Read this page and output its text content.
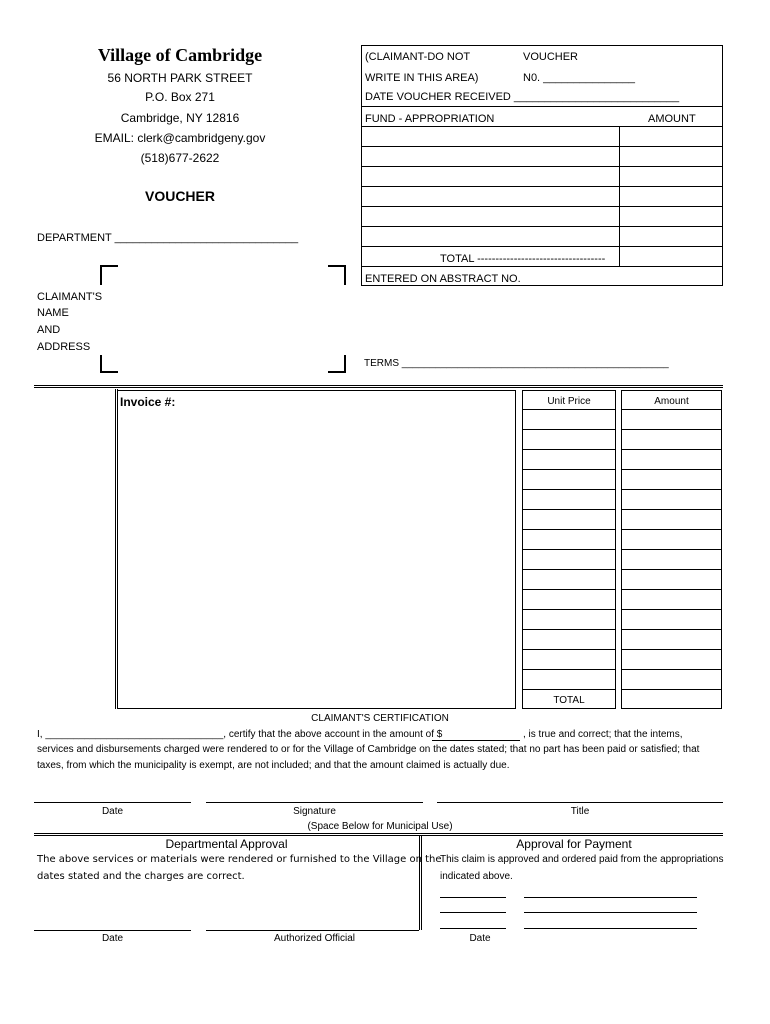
Village of Cambridge
56 NORTH PARK STREET
P.O. Box 271
Cambridge, NY 12816
EMAIL: clerk@cambridgeny.gov
(518)677-2622
VOUCHER
DEPARTMENT ______________________________
(CLAIMANT-DO NOT	VOUCHER
WRITE IN THIS AREA)	N0. _______________
DATE VOUCHER RECEIVED ___________________________
FUND - APPROPRIATION	AMOUNT
TOTAL -----------------------------------
ENTERED ON ABSTRACT NO.
CLAIMANT'S
NAME
AND
ADDRESS
TERMS ________________________________________________
Invoice #:	Unit Price	Amount
TOTAL
CLAIMANT'S CERTIFICATION
I, ________________________________, certify that the above account in the amount of $	, is true and correct; that the intems,
services and disbursements charged were rendered to or for the Village of Cambridge on the dates stated; that no part has been paid or satisfied; that
taxes, from which the municipality is exempt, are not included; and that the amount claimed is actually due.
Date	Signature	Title
(Space Below for Municipal Use)
Departmental Approval
The above services or materials were rendered or furnished to the Village on the
dates stated and the charges are correct.
Approval for Payment
This claim is approved and ordered paid from the appropriations
indicated above.
Date	Authorized Official	Date
